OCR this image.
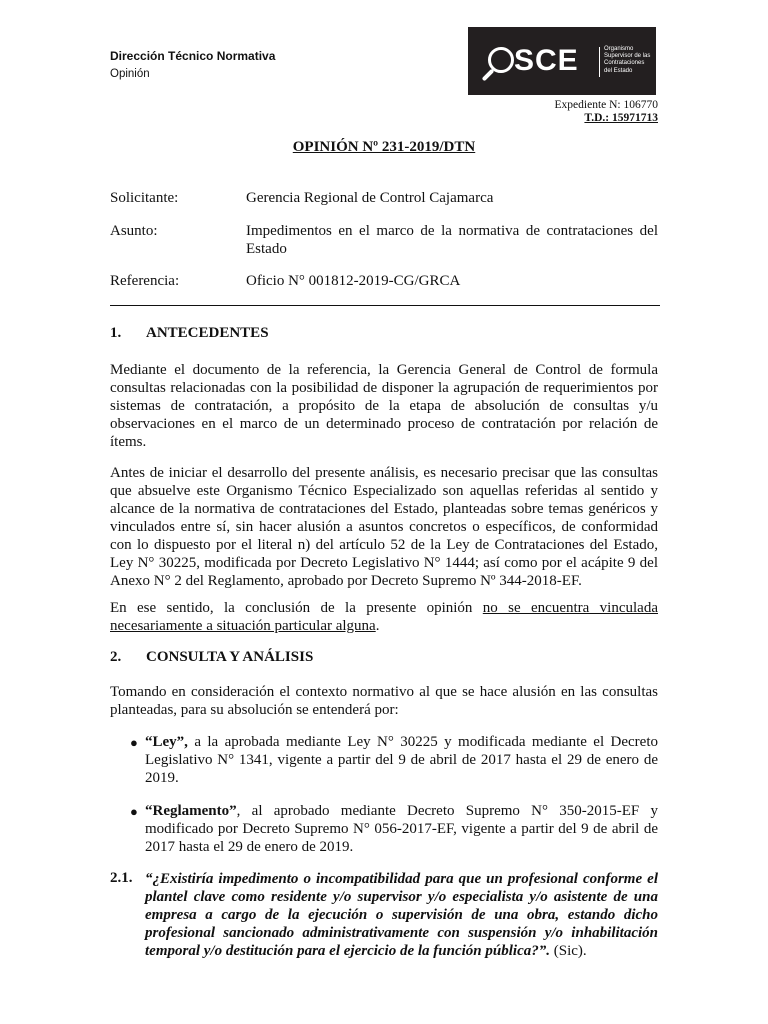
Dirección Técnico Normativa
Opinión	SCE	Organismo Supervisor de las Contrataciones del Estado
Expediente N: 106770
T.D.: 15971713
OPINIÓN Nº 231-2019/DTN
Solicitante:	Gerencia Regional de Control Cajamarca
Asunto:	Impedimentos en el marco de la normativa de contrataciones del Estado
Referencia:	Oficio N° 001812-2019-CG/GRCA
1. ANTECEDENTES
Mediante el documento de la referencia, la Gerencia General de Control de formula consultas relacionadas con la posibilidad de disponer la agrupación de requerimientos por sistemas de contratación, a propósito de la etapa de absolución de consultas y/u observaciones en el marco de un determinado proceso de contratación por relación de ítems.
Antes de iniciar el desarrollo del presente análisis, es necesario precisar que las consultas que absuelve este Organismo Técnico Especializado son aquellas referidas al sentido y alcance de la normativa de contrataciones del Estado, planteadas sobre temas genéricos y vinculados entre sí, sin hacer alusión a asuntos concretos o específicos, de conformidad con lo dispuesto por el literal n) del artículo 52 de la Ley de Contrataciones del Estado, Ley N° 30225, modificada por Decreto Legislativo N° 1444; así como por el acápite 9 del Anexo N° 2 del Reglamento, aprobado por Decreto Supremo Nº 344-2018-EF.
En ese sentido, la conclusión de la presente opinión no se encuentra vinculada necesariamente a situación particular alguna.
2. CONSULTA Y ANÁLISIS
Tomando en consideración el contexto normativo al que se hace alusión en las consultas planteadas, para su absolución se entenderá por:
● “Ley”, a la aprobada mediante Ley N° 30225 y modificada mediante el Decreto Legislativo N° 1341, vigente a partir del 9 de abril de 2017 hasta el 29 de enero de 2019.
● “Reglamento”, al aprobado mediante Decreto Supremo N° 350-2015-EF y modificado por Decreto Supremo N° 056-2017-EF, vigente a partir del 9 de abril de 2017 hasta el 29 de enero de 2019.
2.1. “¿Existiría impedimento o incompatibilidad para que un profesional conforme el plantel clave como residente y/o supervisor y/o especialista y/o asistente de una empresa a cargo de la ejecución o supervisión de una obra, estando dicho profesional sancionado administrativamente con suspensión y/o inhabilitación temporal y/o destitución para el ejercicio de la función pública?”. (Sic).
